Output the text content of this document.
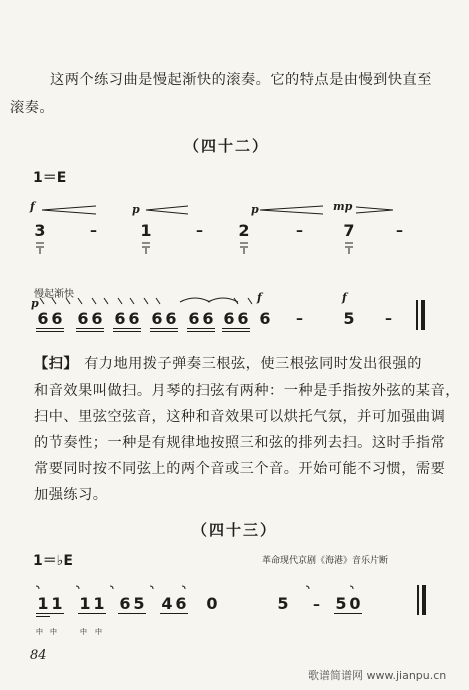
这两个练习曲是慢起渐快的滚奏。它的特点是由慢到快直至
滚奏。
（四十二）
1＝E
f	p	p	mp
3	1	2	7
–	–	–	–
慢起渐快
p	f	f
6 6 6 6 6 6 6 6 6 6 6 6 6	5
–	–
【扫】 有力地用拨子弹奏三根弦，使三根弦同时发出很强的
和音效果叫做扫。月琴的扫弦有两种：一种是手指按外弦的某音，
扫中、里弦空弦音，这种和音效果可以烘托气氛，并可加强曲调
的节奏性；一种是有规律地按照三和弦的排列去扫。这时手指常
常要同时按不同弦上的两个音或三个音。开始可能不习惯，需要
加强练习。
（四十三）
1＝♭E	革命现代京剧《海港》音乐片断
1 1 1 1 6 5 4 6 0	5	5 0
–
中 中	中 中
84
歌谱简谱网 www.jianpu.cn
